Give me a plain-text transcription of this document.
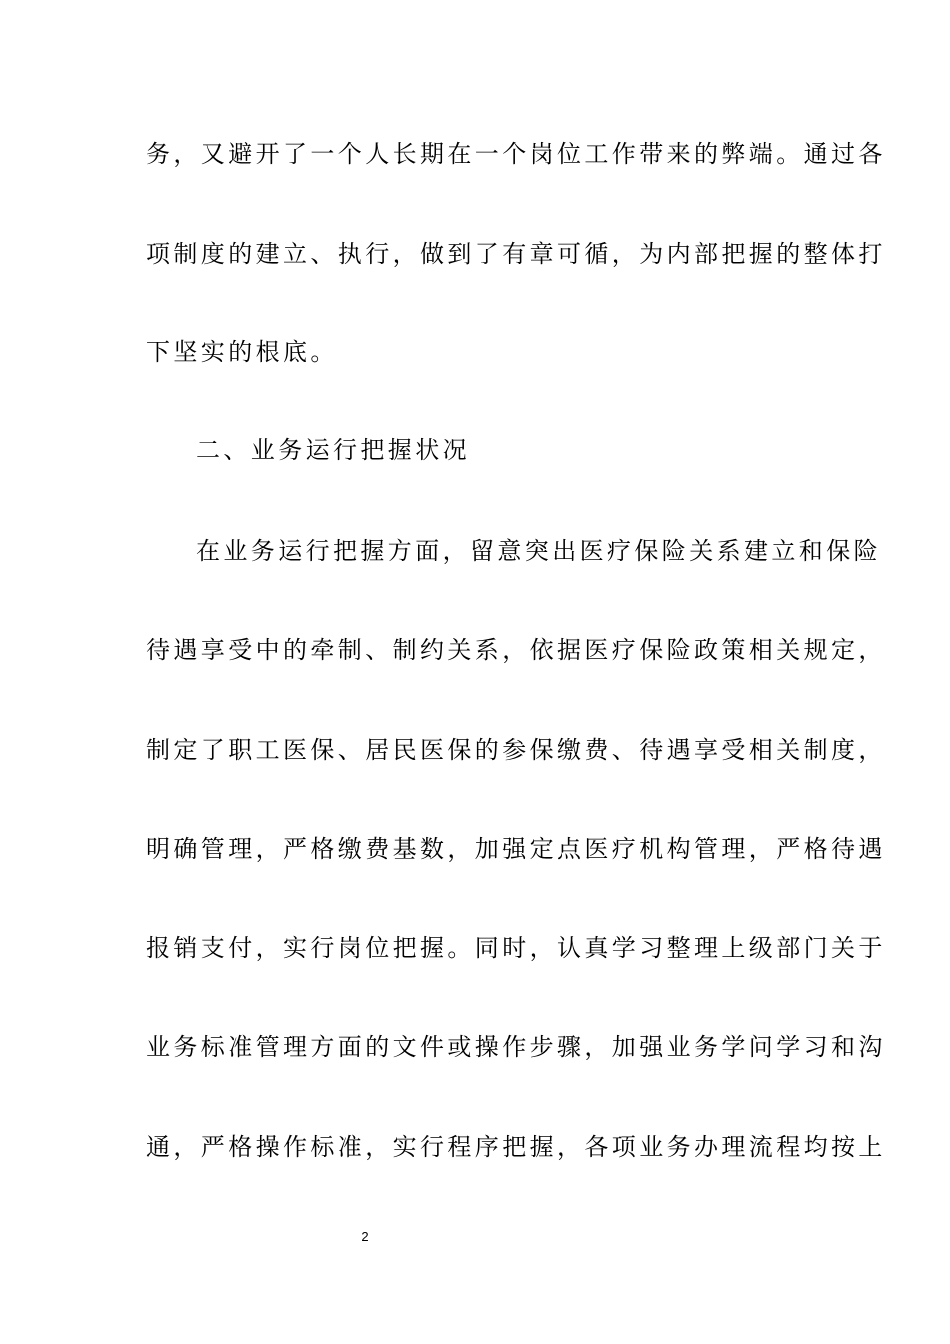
务，又避开了一个人长期在一个岗位工作带来的弊端。通过各
项制度的建立、执行，做到了有章可循，为内部把握的整体打
下坚实的根底。
二、业务运行把握状况
在业务运行把握方面，留意突出医疗保险关系建立和保险
待遇享受中的牵制、制约关系，依据医疗保险政策相关规定，
制定了职工医保、居民医保的参保缴费、待遇享受相关制度，
明确管理，严格缴费基数，加强定点医疗机构管理，严格待遇
报销支付，实行岗位把握。同时，认真学习整理上级部门关于
业务标准管理方面的文件或操作步骤，加强业务学问学习和沟
通，严格操作标准，实行程序把握，各项业务办理流程均按上
2
